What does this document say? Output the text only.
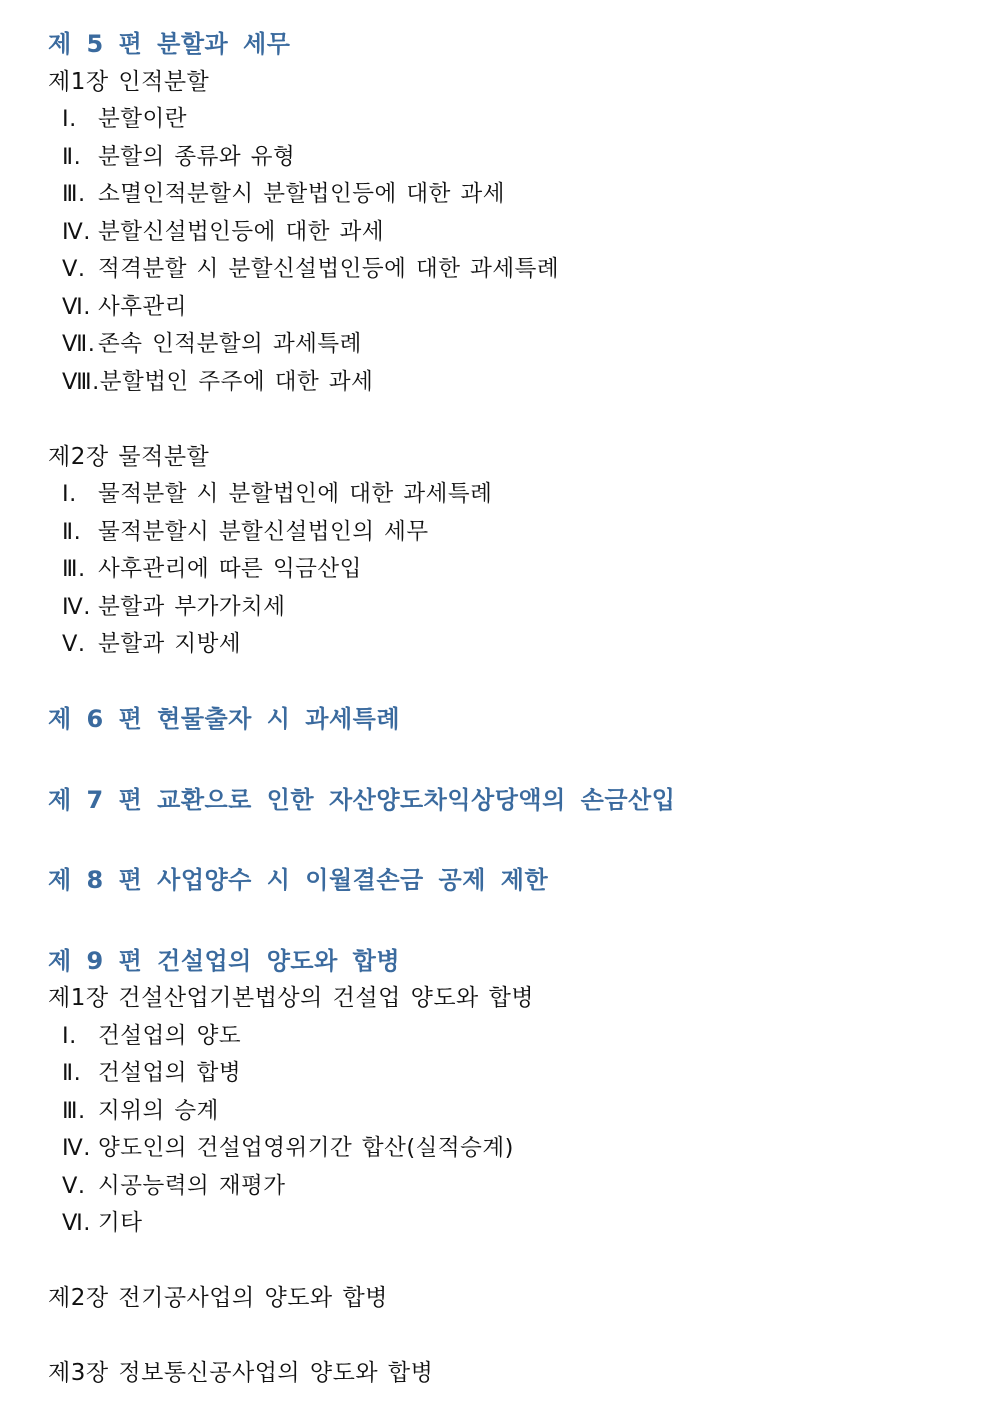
제 5 편 분할과 세무
제1장 인적분할
Ⅰ. 분할이란
Ⅱ. 분할의 종류와 유형
Ⅲ. 소멸인적분할시 분할법인등에 대한 과세
Ⅳ. 분할신설법인등에 대한 과세
Ⅴ. 적격분할 시 분할신설법인등에 대한 과세특례
Ⅵ. 사후관리
Ⅶ. 존속 인적분할의 과세특례
Ⅷ.분할법인 주주에 대한 과세
제2장 물적분할
Ⅰ. 물적분할 시 분할법인에 대한 과세특례
Ⅱ. 물적분할시 분할신설법인의 세무
Ⅲ. 사후관리에 따른 익금산입
Ⅳ. 분할과 부가가치세
Ⅴ. 분할과 지방세
제 6 편 현물출자 시 과세특례
제 7 편 교환으로 인한 자산양도차익상당액의 손금산입
제 8 편 사업양수 시 이월결손금 공제 제한
제 9 편 건설업의 양도와 합병
제1장 건설산업기본법상의 건설업 양도와 합병
Ⅰ. 건설업의 양도
Ⅱ. 건설업의 합병
Ⅲ. 지위의 승계
Ⅳ. 양도인의 건설업영위기간 합산(실적승계)
Ⅴ. 시공능력의 재평가
Ⅵ. 기타
제2장 전기공사업의 양도와 합병
제3장 정보통신공사업의 양도와 합병
